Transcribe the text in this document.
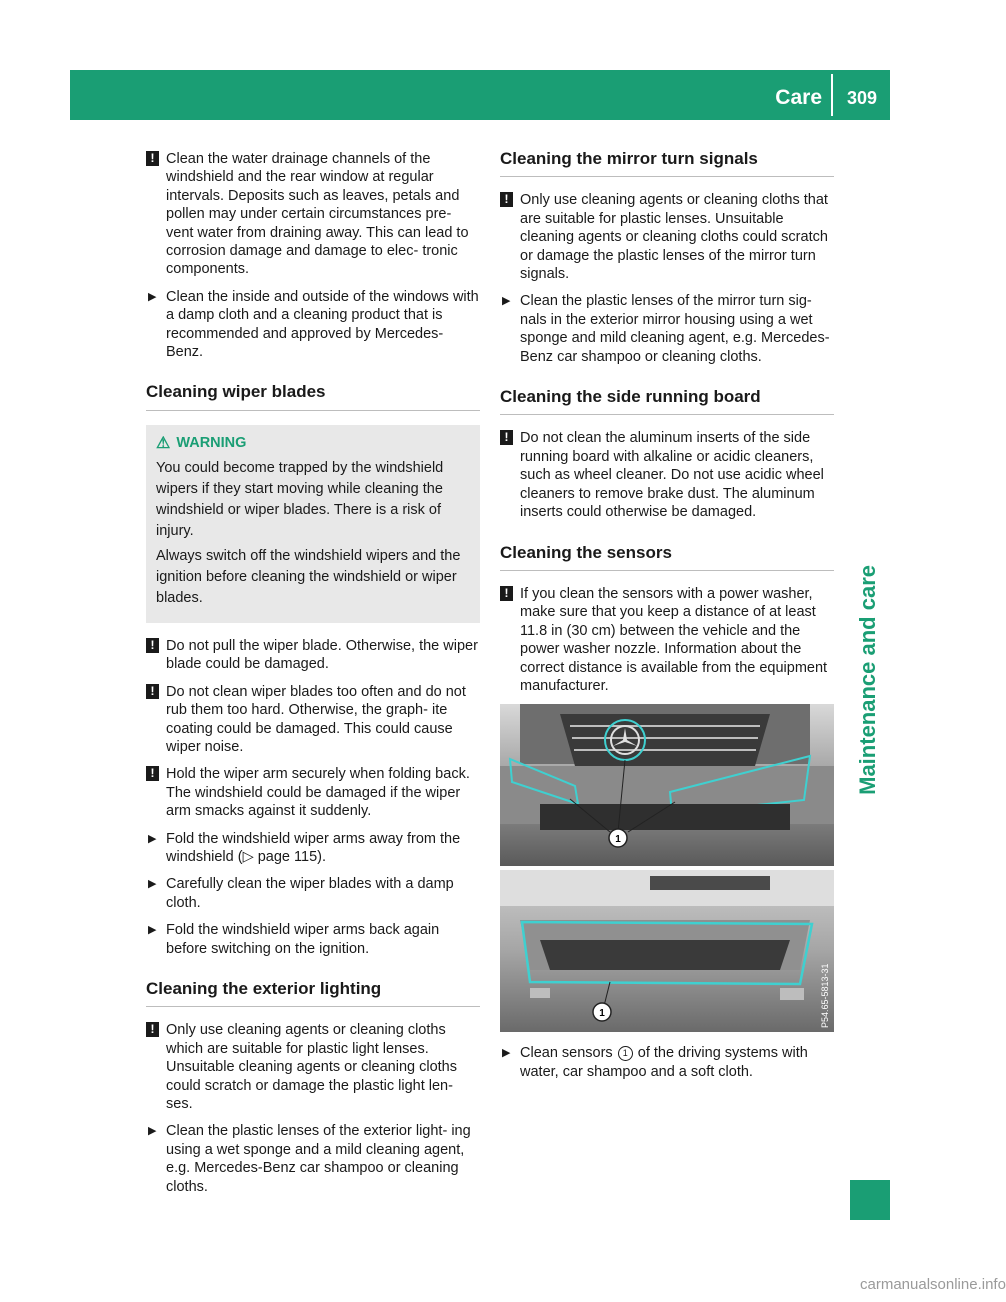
Care	309
Maintenance and care
! Clean the water drainage channels of the windshield and the rear window at regular intervals. Deposits such as leaves, petals and pollen may under certain circumstances pre- vent water from draining away. This can lead to corrosion damage and damage to elec- tronic components.

▶ Clean the inside and outside of the windows with a damp cloth and a cleaning product that is recommended and approved by Mercedes- Benz.

Cleaning wiper blades
⚠ WARNING

You could become trapped by the windshield wipers if they start moving while cleaning the windshield or wiper blades. There is a risk of injury.

Always switch off the windshield wipers and the ignition before cleaning the windshield or wiper blades.

! Do not pull the wiper blade. Otherwise, the wiper blade could be damaged.

! Do not clean wiper blades too often and do not rub them too hard. Otherwise, the graph- ite coating could be damaged. This could cause wiper noise.

! Hold the wiper arm securely when folding back. The windshield could be damaged if the wiper arm smacks against it suddenly.

▶ Fold the windshield wiper arms away from the windshield (▷ page 115).

▶ Carefully clean the wiper blades with a damp cloth.

▶ Fold the windshield wiper arms back again before switching on the ignition.

Cleaning the exterior lighting
! Only use cleaning agents or cleaning cloths which are suitable for plastic light lenses. Unsuitable cleaning agents or cleaning cloths could scratch or damage the plastic light len- ses.

▶ Clean the plastic lenses of the exterior light- ing using a wet sponge and a mild cleaning agent, e.g. Mercedes-Benz car shampoo or cleaning cloths.

Cleaning the mirror turn signals
! Only use cleaning agents or cleaning cloths that are suitable for plastic lenses. Unsuitable cleaning agents or cleaning cloths could scratch or damage the plastic lenses of the mirror turn signals.

▶ Clean the plastic lenses of the mirror turn sig- nals in the exterior mirror housing using a wet sponge and mild cleaning agent, e.g. Mercedes-Benz car shampoo or cleaning cloths.

Cleaning the side running board
! Do not clean the aluminum inserts of the side running board with alkaline or acidic cleaners, such as wheel cleaner. Do not use acidic wheel cleaners to remove brake dust. The aluminum inserts could otherwise be damaged.

Cleaning the sensors
! If you clean the sensors with a power washer, make sure that you keep a distance of at least 11.8 in (30 cm) between the vehicle and the power washer nozzle. Information about the correct distance is available from the equipment manufacturer.

1
1	P54.65-5813-31
▶ Clean sensors 1 of the driving systems with water, car shampoo and a soft cloth.

carmanualsonline.info
